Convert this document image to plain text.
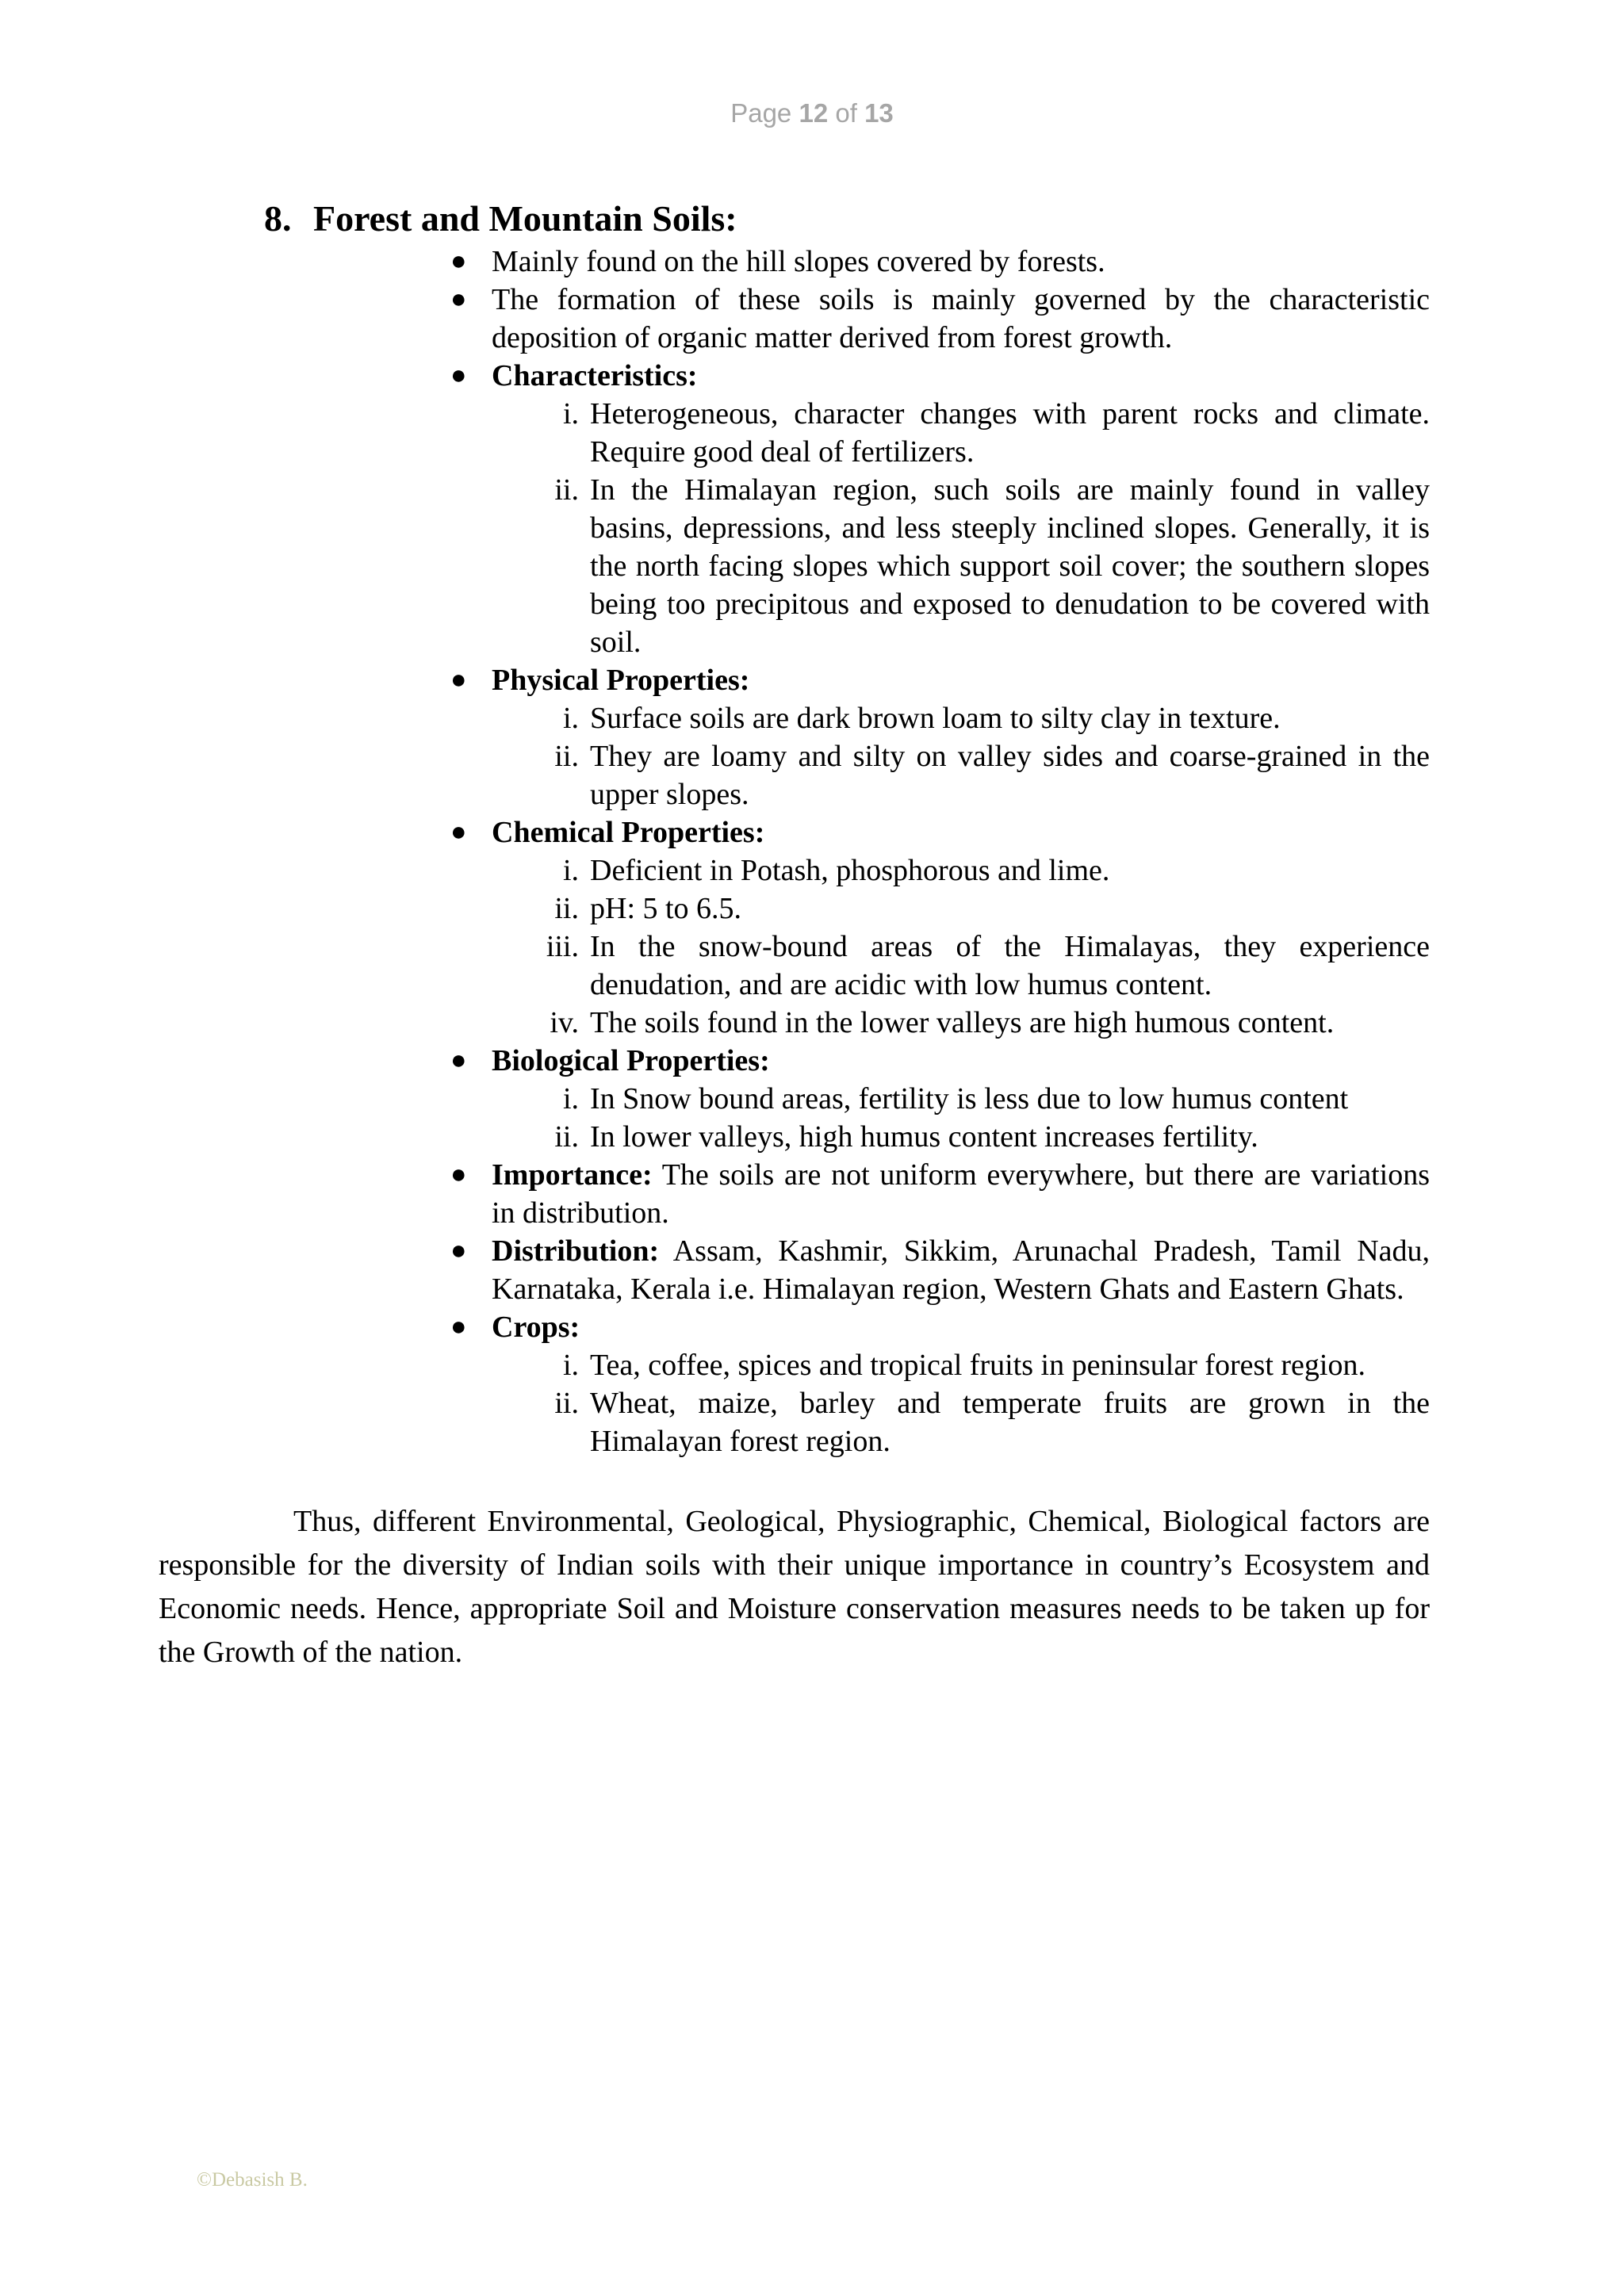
Page 12 of 13
8. Forest and Mountain Soils:
● Mainly found on the hill slopes covered by forests.
● The formation of these soils is mainly governed by the characteristic deposition of organic matter derived from forest growth.
● Characteristics:
i. Heterogeneous, character changes with parent rocks and climate. Require good deal of fertilizers.
ii. In the Himalayan region, such soils are mainly found in valley basins, depressions, and less steeply inclined slopes. Generally, it is the north facing slopes which support soil cover; the southern slopes being too precipitous and exposed to denudation to be covered with soil.
● Physical Properties:
i. Surface soils are dark brown loam to silty clay in texture.
ii. They are loamy and silty on valley sides and coarse-grained in the upper slopes.
● Chemical Properties:
i. Deficient in Potash, phosphorous and lime.
ii. pH: 5 to 6.5.
iii. In the snow-bound areas of the Himalayas, they experience denudation, and are acidic with low humus content.
iv. The soils found in the lower valleys are high humous content.
● Biological Properties:
i. In Snow bound areas, fertility is less due to low humus content
ii. In lower valleys, high humus content increases fertility.
● Importance: The soils are not uniform everywhere, but there are variations in distribution.
● Distribution: Assam, Kashmir, Sikkim, Arunachal Pradesh, Tamil Nadu, Karnataka, Kerala i.e. Himalayan region, Western Ghats and Eastern Ghats.
● Crops:
i. Tea, coffee, spices and tropical fruits in peninsular forest region.
ii. Wheat, maize, barley and temperate fruits are grown in the Himalayan forest region.

Thus, different Environmental, Geological, Physiographic, Chemical, Biological factors are responsible for the diversity of Indian soils with their unique importance in country’s Ecosystem and Economic needs. Hence, appropriate Soil and Moisture conservation measures needs to be taken up for the Growth of the nation.

©Debasish B.
